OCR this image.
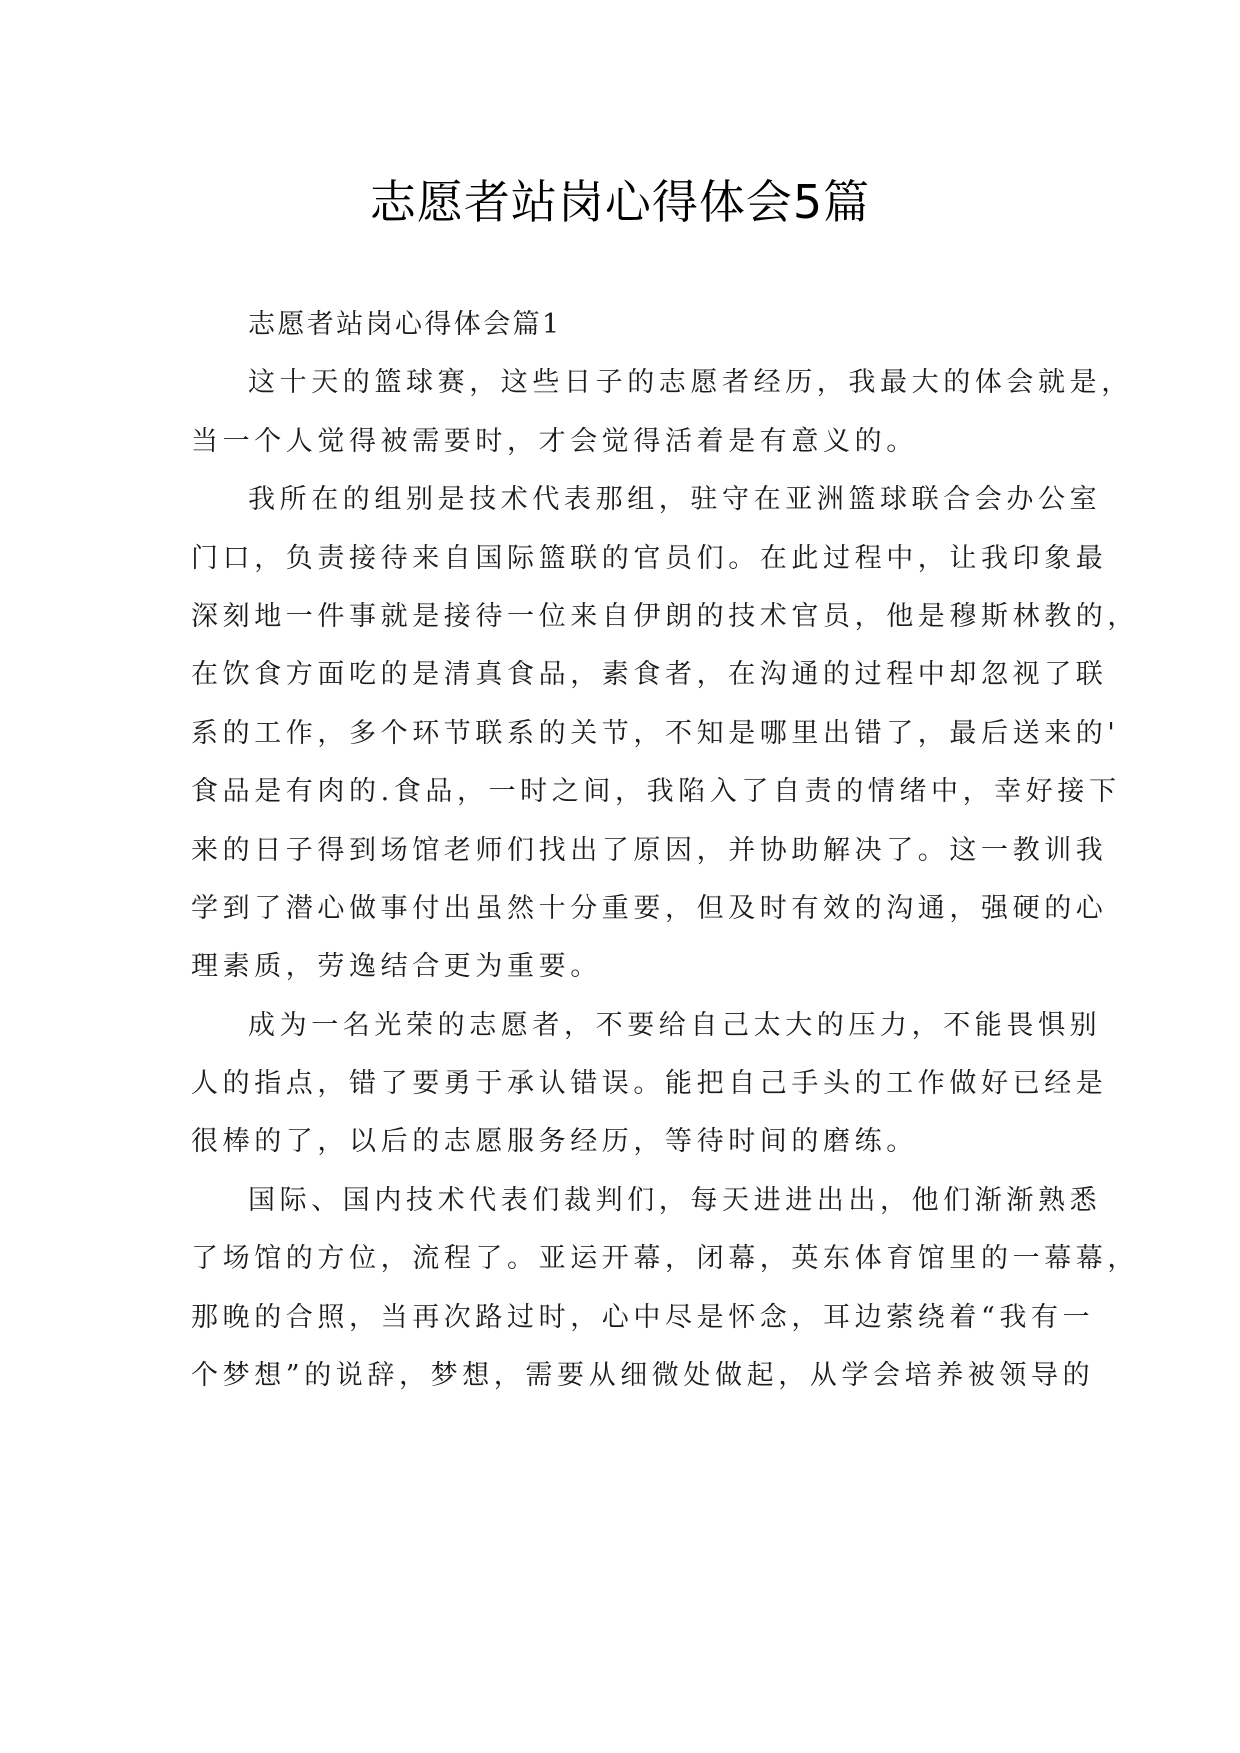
志愿者站岗心得体会5篇
志愿者站岗心得体会篇1
这十天的篮球赛，这些日子的志愿者经历，我最大的体会就是，
当一个人觉得被需要时，才会觉得活着是有意义的。
我所在的组别是技术代表那组，驻守在亚洲篮球联合会办公室
门口，负责接待来自国际篮联的官员们。在此过程中，让我印象最
深刻地一件事就是接待一位来自伊朗的技术官员，他是穆斯林教的，
在饮食方面吃的是清真食品，素食者，在沟通的过程中却忽视了联
系的工作，多个环节联系的关节，不知是哪里出错了，最后送来的'
食品是有肉的.食品，一时之间，我陷入了自责的情绪中，幸好接下
来的日子得到场馆老师们找出了原因，并协助解决了。这一教训我
学到了潜心做事付出虽然十分重要，但及时有效的沟通，强硬的心
理素质，劳逸结合更为重要。
成为一名光荣的志愿者，不要给自己太大的压力，不能畏惧别
人的指点，错了要勇于承认错误。能把自己手头的工作做好已经是
很棒的了，以后的志愿服务经历，等待时间的磨练。
国际、国内技术代表们裁判们，每天进进出出，他们渐渐熟悉
了场馆的方位，流程了。亚运开幕，闭幕，英东体育馆里的一幕幕，
那晚的合照，当再次路过时，心中尽是怀念，耳边萦绕着“我有一
个梦想”的说辞，梦想，需要从细微处做起，从学会培养被领导的
